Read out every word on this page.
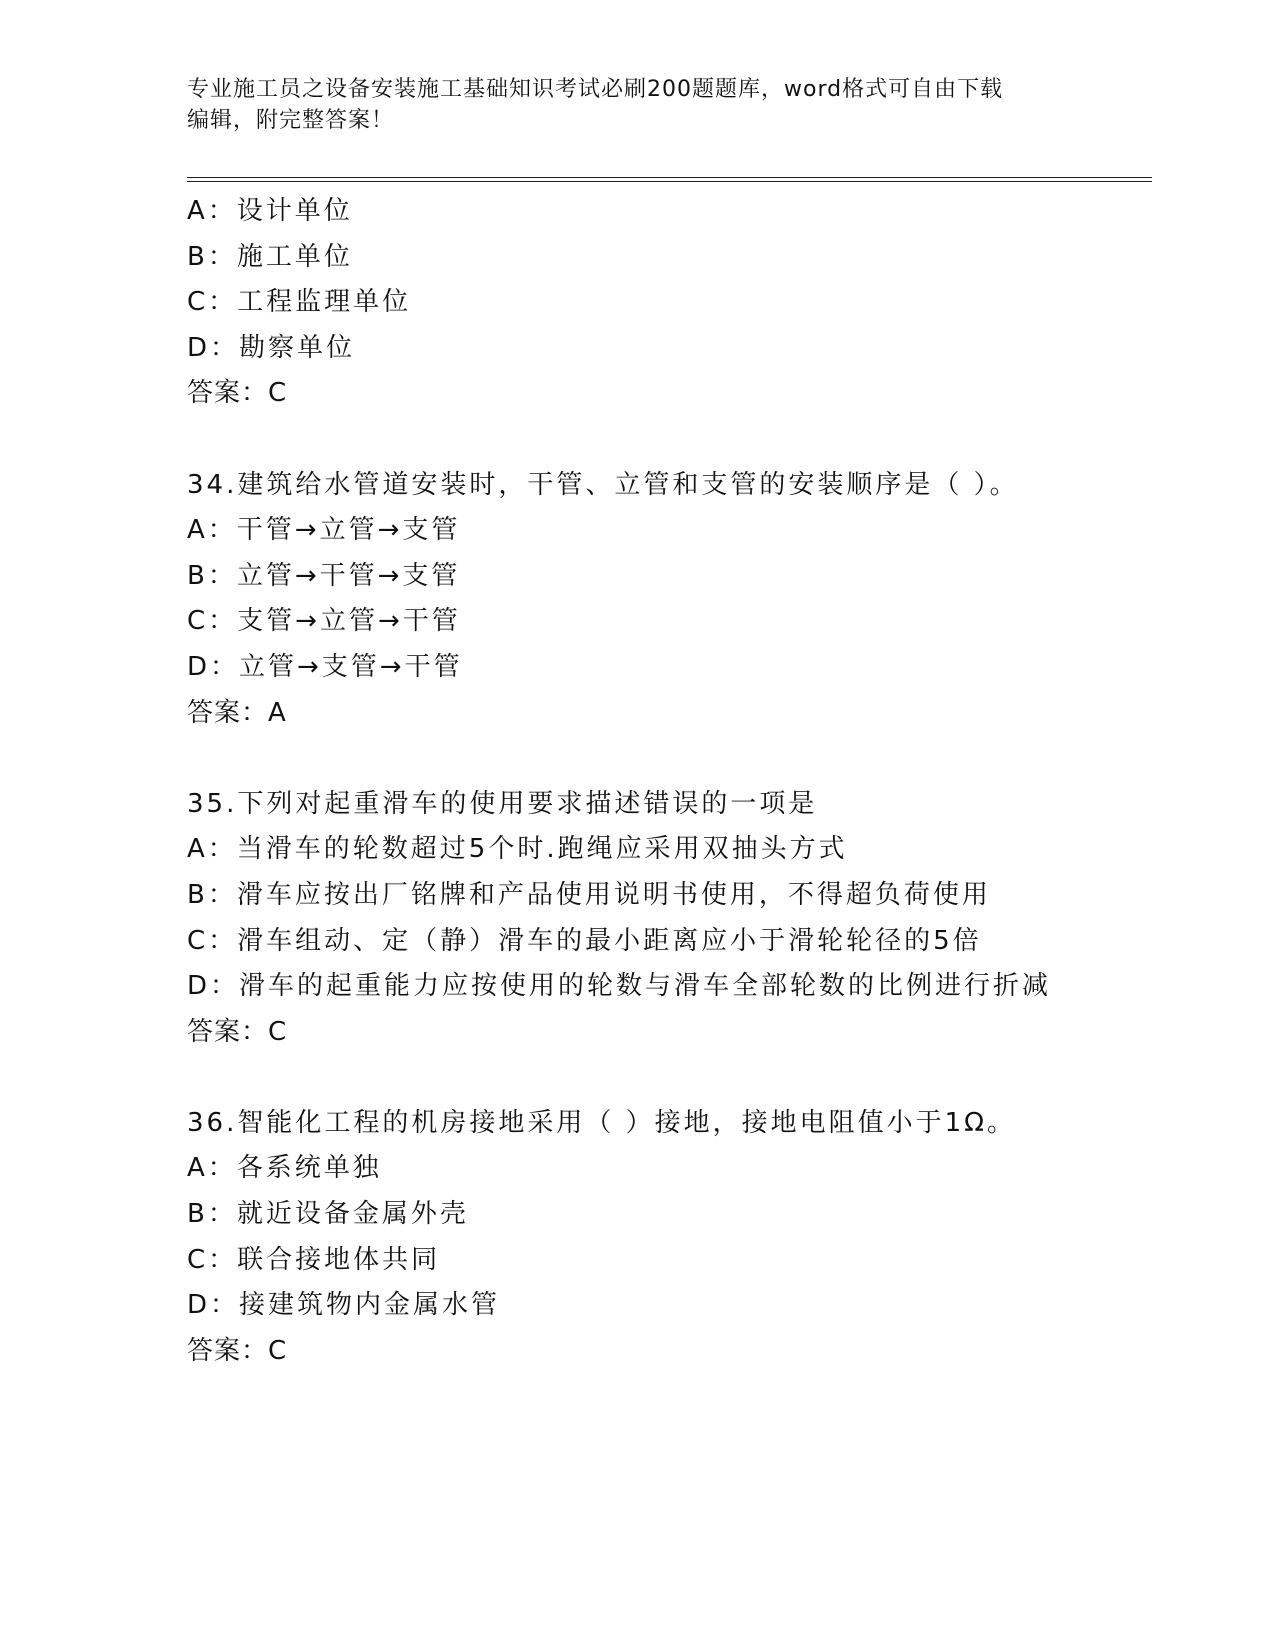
专业施工员之设备安装施工基础知识考试必刷200题题库，word格式可自由下载
编辑，附完整答案！
A：设计单位
B：施工单位
C：工程监理单位
D：勘察单位
答案：C
34.建筑给水管道安装时，干管、立管和支管的安装顺序是（ ）。
A：干管→立管→支管
B：立管→干管→支管
C：支管→立管→干管
D：立管→支管→干管
答案：A
35.下列对起重滑车的使用要求描述错误的一项是
A：当滑车的轮数超过5个时.跑绳应采用双抽头方式
B：滑车应按出厂铭牌和产品使用说明书使用，不得超负荷使用
C：滑车组动、定（静）滑车的最小距离应小于滑轮轮径的5倍
D：滑车的起重能力应按使用的轮数与滑车全部轮数的比例进行折减
答案：C
36.智能化工程的机房接地采用（ ）接地，接地电阻值小于1Ω。
A：各系统单独
B：就近设备金属外壳
C：联合接地体共同
D：接建筑物内金属水管
答案：C
